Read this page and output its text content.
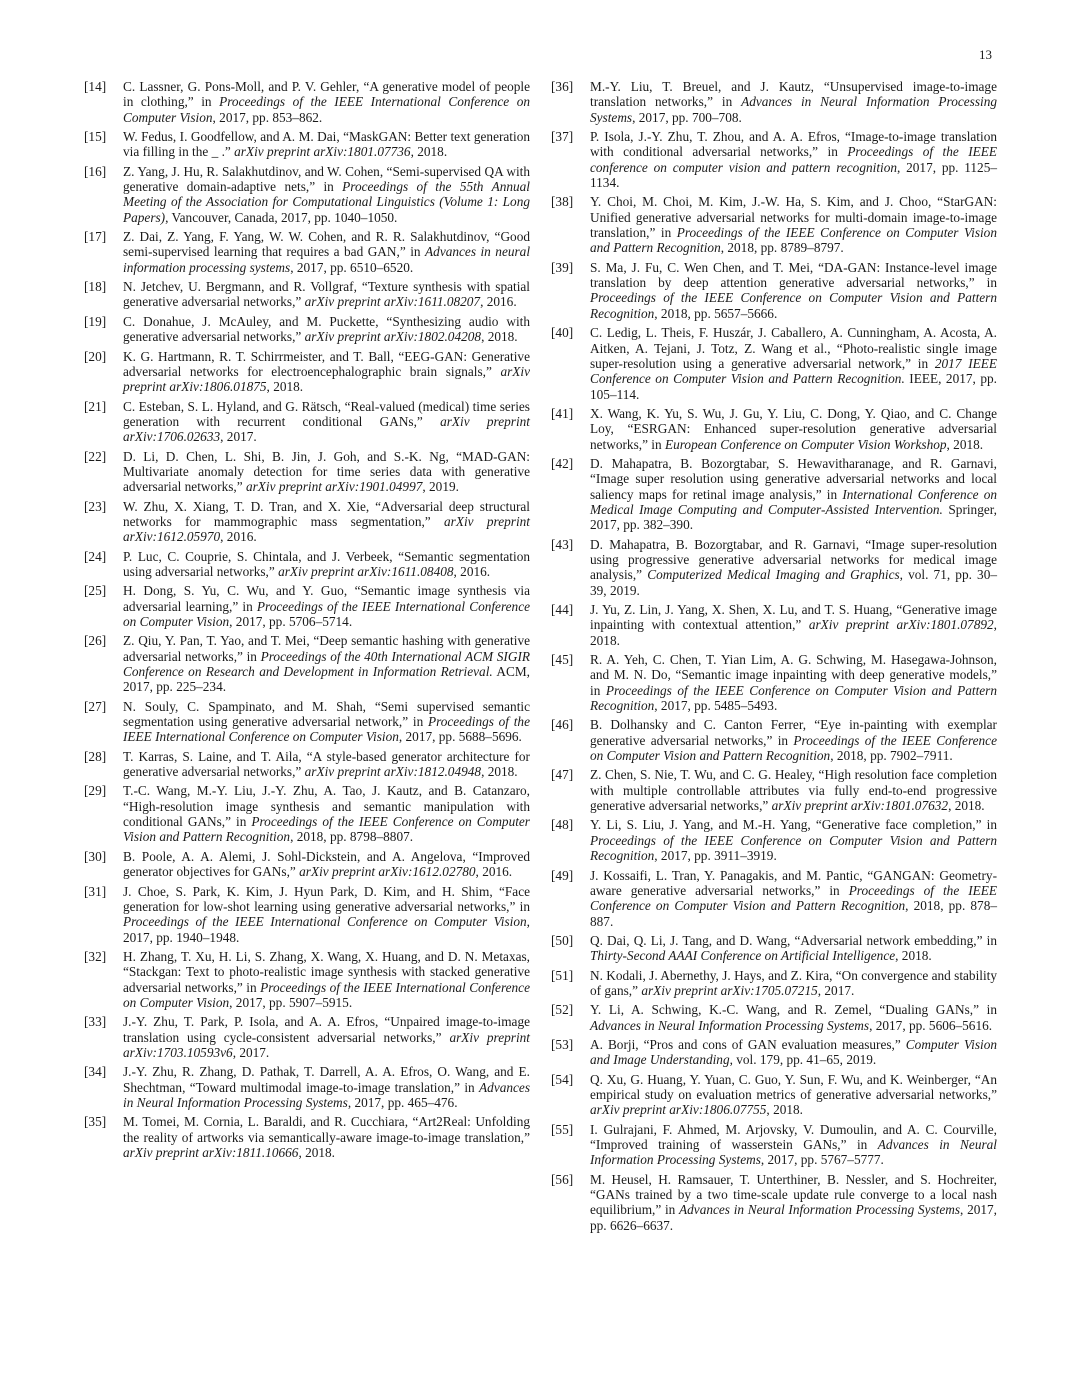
13
[14]	C. Lassner, G. Pons-Moll, and P. V. Gehler, “A generative model of people in clothing,” in Proceedings of the IEEE International Conference on Computer Vision, 2017, pp. 853–862.
[15]	W. Fedus, I. Goodfellow, and A. M. Dai, “MaskGAN: Better text generation via filling in the _ .” arXiv preprint arXiv:1801.07736, 2018.
[16]	Z. Yang, J. Hu, R. Salakhutdinov, and W. Cohen, “Semi-supervised QA with generative domain-adaptive nets,” in Proceedings of the 55th Annual Meeting of the Association for Computational Linguistics (Volume 1: Long Papers), Vancouver, Canada, 2017, pp. 1040–1050.
[17]	Z. Dai, Z. Yang, F. Yang, W. W. Cohen, and R. R. Salakhutdinov, “Good semi-supervised learning that requires a bad GAN,” in Advances in neural information processing systems, 2017, pp. 6510–6520.
[18]	N. Jetchev, U. Bergmann, and R. Vollgraf, “Texture synthesis with spatial generative adversarial networks,” arXiv preprint arXiv:1611.08207, 2016.
[19]	C. Donahue, J. McAuley, and M. Puckette, “Synthesizing audio with generative adversarial networks,” arXiv preprint arXiv:1802.04208, 2018.
[20]	K. G. Hartmann, R. T. Schirrmeister, and T. Ball, “EEG-GAN: Generative adversarial networks for electroencephalographic brain signals,” arXiv preprint arXiv:1806.01875, 2018.
[21]	C. Esteban, S. L. Hyland, and G. Rätsch, “Real-valued (medical) time series generation with recurrent conditional GANs,” arXiv preprint arXiv:1706.02633, 2017.
[22]	D. Li, D. Chen, L. Shi, B. Jin, J. Goh, and S.-K. Ng, “MAD-GAN: Multivariate anomaly detection for time series data with generative adversarial networks,” arXiv preprint arXiv:1901.04997, 2019.
[23]	W. Zhu, X. Xiang, T. D. Tran, and X. Xie, “Adversarial deep structural networks for mammographic mass segmentation,” arXiv preprint arXiv:1612.05970, 2016.
[24]	P. Luc, C. Couprie, S. Chintala, and J. Verbeek, “Semantic segmentation using adversarial networks,” arXiv preprint arXiv:1611.08408, 2016.
[25]	H. Dong, S. Yu, C. Wu, and Y. Guo, “Semantic image synthesis via adversarial learning,” in Proceedings of the IEEE International Conference on Computer Vision, 2017, pp. 5706–5714.
[26]	Z. Qiu, Y. Pan, T. Yao, and T. Mei, “Deep semantic hashing with generative adversarial networks,” in Proceedings of the 40th International ACM SIGIR Conference on Research and Development in Information Retrieval. ACM, 2017, pp. 225–234.
[27]	N. Souly, C. Spampinato, and M. Shah, “Semi supervised semantic segmentation using generative adversarial network,” in Proceedings of the IEEE International Conference on Computer Vision, 2017, pp. 5688–5696.
[28]	T. Karras, S. Laine, and T. Aila, “A style-based generator architecture for generative adversarial networks,” arXiv preprint arXiv:1812.04948, 2018.
[29]	T.-C. Wang, M.-Y. Liu, J.-Y. Zhu, A. Tao, J. Kautz, and B. Catanzaro, “High-resolution image synthesis and semantic manipulation with conditional GANs,” in Proceedings of the IEEE Conference on Computer Vision and Pattern Recognition, 2018, pp. 8798–8807.
[30]	B. Poole, A. A. Alemi, J. Sohl-Dickstein, and A. Angelova, “Improved generator objectives for GANs,” arXiv preprint arXiv:1612.02780, 2016.
[31]	J. Choe, S. Park, K. Kim, J. Hyun Park, D. Kim, and H. Shim, “Face generation for low-shot learning using generative adversarial networks,” in Proceedings of the IEEE International Conference on Computer Vision, 2017, pp. 1940–1948.
[32]	H. Zhang, T. Xu, H. Li, S. Zhang, X. Wang, X. Huang, and D. N. Metaxas, “Stackgan: Text to photo-realistic image synthesis with stacked generative adversarial networks,” in Proceedings of the IEEE International Conference on Computer Vision, 2017, pp. 5907–5915.
[33]	J.-Y. Zhu, T. Park, P. Isola, and A. A. Efros, “Unpaired image-to-image translation using cycle-consistent adversarial networks,” arXiv preprint arXiv:1703.10593v6, 2017.
[34]	J.-Y. Zhu, R. Zhang, D. Pathak, T. Darrell, A. A. Efros, O. Wang, and E. Shechtman, “Toward multimodal image-to-image translation,” in Advances in Neural Information Processing Systems, 2017, pp. 465–476.
[35]	M. Tomei, M. Cornia, L. Baraldi, and R. Cucchiara, “Art2Real: Unfolding the reality of artworks via semantically-aware image-to-image translation,” arXiv preprint arXiv:1811.10666, 2018.
[36]	M.-Y. Liu, T. Breuel, and J. Kautz, “Unsupervised image-to-image translation networks,” in Advances in Neural Information Processing Systems, 2017, pp. 700–708.
[37]	P. Isola, J.-Y. Zhu, T. Zhou, and A. A. Efros, “Image-to-image translation with conditional adversarial networks,” in Proceedings of the IEEE conference on computer vision and pattern recognition, 2017, pp. 1125–1134.
[38]	Y. Choi, M. Choi, M. Kim, J.-W. Ha, S. Kim, and J. Choo, “StarGAN: Unified generative adversarial networks for multi-domain image-to-image translation,” in Proceedings of the IEEE Conference on Computer Vision and Pattern Recognition, 2018, pp. 8789–8797.
[39]	S. Ma, J. Fu, C. Wen Chen, and T. Mei, “DA-GAN: Instance-level image translation by deep attention generative adversarial networks,” in Proceedings of the IEEE Conference on Computer Vision and Pattern Recognition, 2018, pp. 5657–5666.
[40]	C. Ledig, L. Theis, F. Huszár, J. Caballero, A. Cunningham, A. Acosta, A. Aitken, A. Tejani, J. Totz, Z. Wang et al., “Photo-realistic single image super-resolution using a generative adversarial network,” in 2017 IEEE Conference on Computer Vision and Pattern Recognition. IEEE, 2017, pp. 105–114.
[41]	X. Wang, K. Yu, S. Wu, J. Gu, Y. Liu, C. Dong, Y. Qiao, and C. Change Loy, “ESRGAN: Enhanced super-resolution generative adversarial networks,” in European Conference on Computer Vision Workshop, 2018.
[42]	D. Mahapatra, B. Bozorgtabar, S. Hewavitharanage, and R. Garnavi, “Image super resolution using generative adversarial networks and local saliency maps for retinal image analysis,” in International Conference on Medical Image Computing and Computer-Assisted Intervention. Springer, 2017, pp. 382–390.
[43]	D. Mahapatra, B. Bozorgtabar, and R. Garnavi, “Image super-resolution using progressive generative adversarial networks for medical image analysis,” Computerized Medical Imaging and Graphics, vol. 71, pp. 30–39, 2019.
[44]	J. Yu, Z. Lin, J. Yang, X. Shen, X. Lu, and T. S. Huang, “Generative image inpainting with contextual attention,” arXiv preprint arXiv:1801.07892, 2018.
[45]	R. A. Yeh, C. Chen, T. Yian Lim, A. G. Schwing, M. Hasegawa-Johnson, and M. N. Do, “Semantic image inpainting with deep generative models,” in Proceedings of the IEEE Conference on Computer Vision and Pattern Recognition, 2017, pp. 5485–5493.
[46]	B. Dolhansky and C. Canton Ferrer, “Eye in-painting with exemplar generative adversarial networks,” in Proceedings of the IEEE Conference on Computer Vision and Pattern Recognition, 2018, pp. 7902–7911.
[47]	Z. Chen, S. Nie, T. Wu, and C. G. Healey, “High resolution face completion with multiple controllable attributes via fully end-to-end progressive generative adversarial networks,” arXiv preprint arXiv:1801.07632, 2018.
[48]	Y. Li, S. Liu, J. Yang, and M.-H. Yang, “Generative face completion,” in Proceedings of the IEEE Conference on Computer Vision and Pattern Recognition, 2017, pp. 3911–3919.
[49]	J. Kossaifi, L. Tran, Y. Panagakis, and M. Pantic, “GANGAN: Geometry-aware generative adversarial networks,” in Proceedings of the IEEE Conference on Computer Vision and Pattern Recognition, 2018, pp. 878–887.
[50]	Q. Dai, Q. Li, J. Tang, and D. Wang, “Adversarial network embedding,” in Thirty-Second AAAI Conference on Artificial Intelligence, 2018.
[51]	N. Kodali, J. Abernethy, J. Hays, and Z. Kira, “On convergence and stability of gans,” arXiv preprint arXiv:1705.07215, 2017.
[52]	Y. Li, A. Schwing, K.-C. Wang, and R. Zemel, “Dualing GANs,” in Advances in Neural Information Processing Systems, 2017, pp. 5606–5616.
[53]	A. Borji, “Pros and cons of GAN evaluation measures,” Computer Vision and Image Understanding, vol. 179, pp. 41–65, 2019.
[54]	Q. Xu, G. Huang, Y. Yuan, C. Guo, Y. Sun, F. Wu, and K. Weinberger, “An empirical study on evaluation metrics of generative adversarial networks,” arXiv preprint arXiv:1806.07755, 2018.
[55]	I. Gulrajani, F. Ahmed, M. Arjovsky, V. Dumoulin, and A. C. Courville, “Improved training of wasserstein GANs,” in Advances in Neural Information Processing Systems, 2017, pp. 5767–5777.
[56]	M. Heusel, H. Ramsauer, T. Unterthiner, B. Nessler, and S. Hochreiter, “GANs trained by a two time-scale update rule converge to a local nash equilibrium,” in Advances in Neural Information Processing Systems, 2017, pp. 6626–6637.
